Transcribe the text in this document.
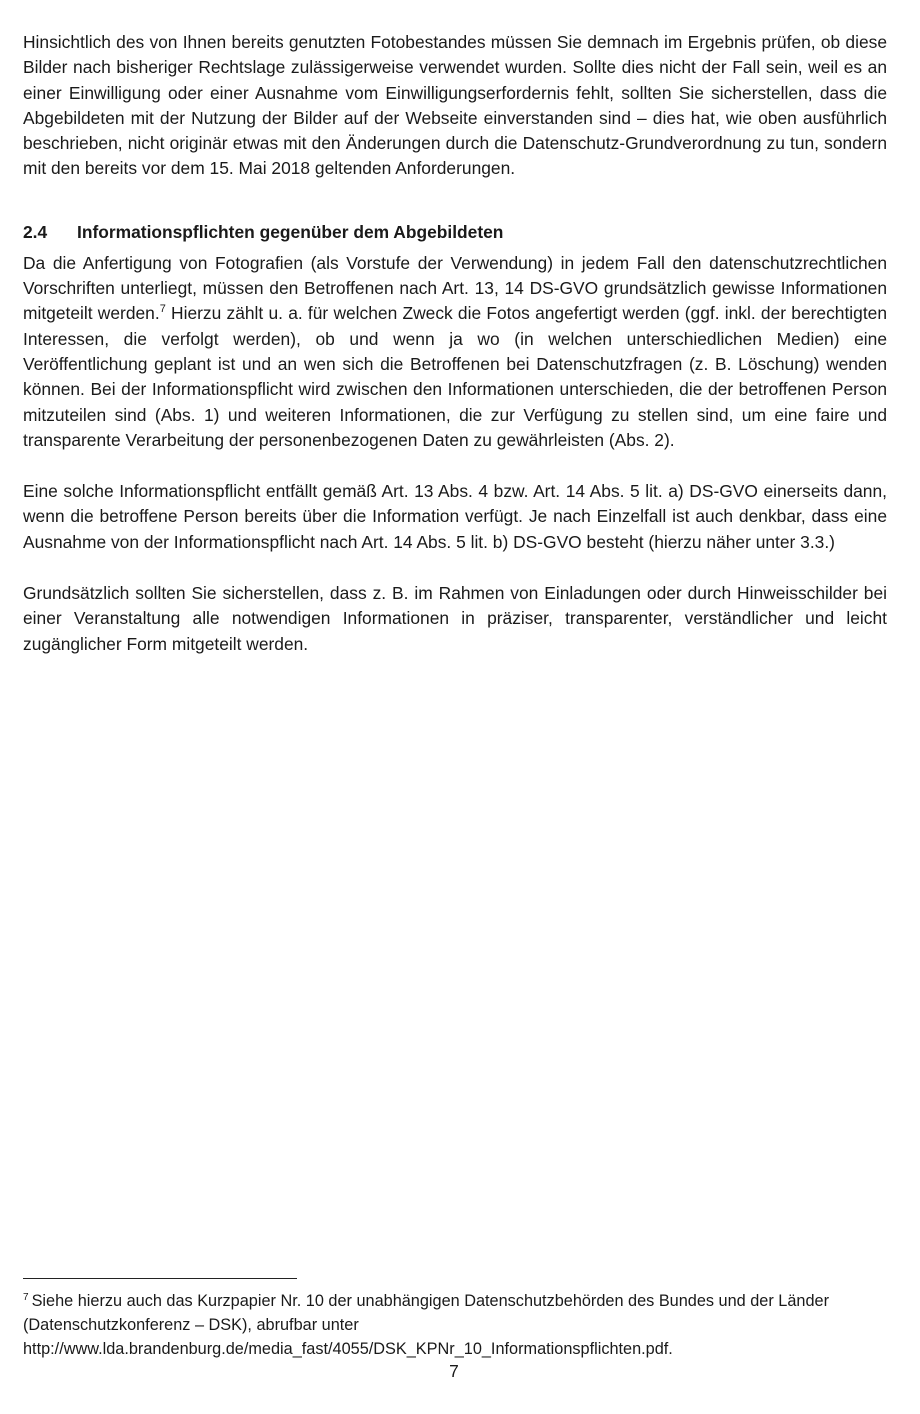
Hinsichtlich des von Ihnen bereits genutzten Fotobestandes müssen Sie demnach im Ergebnis prüfen, ob diese Bilder nach bisheriger Rechtslage zulässigerweise verwendet wurden. Sollte dies nicht der Fall sein, weil es an einer Einwilligung oder einer Ausnahme vom Einwilligungserfordernis fehlt, sollten Sie sicherstellen, dass die Abgebildeten mit der Nutzung der Bilder auf der Webseite einverstanden sind – dies hat, wie oben ausführlich beschrieben, nicht originär etwas mit den Änderungen durch die Datenschutz-Grundverordnung zu tun, sondern mit den bereits vor dem 15. Mai 2018 geltenden Anforderungen.

2.4	Informationspflichten gegenüber dem Abgebildeten

Da die Anfertigung von Fotografien (als Vorstufe der Verwendung) in jedem Fall den datenschutzrechtlichen Vorschriften unterliegt, müssen den Betroffenen nach Art. 13, 14 DS-GVO grundsätzlich gewisse Informationen mitgeteilt werden.$^7$ Hierzu zählt u. a. für welchen Zweck die Fotos angefertigt werden (ggf. inkl. der berechtigten Interessen, die verfolgt werden), ob und wenn ja wo (in welchen unterschiedlichen Medien) eine Veröffentlichung geplant ist und an wen sich die Betroffenen bei Datenschutzfragen (z. B. Löschung) wenden können. Bei der Informationspflicht wird zwischen den Informationen unterschieden, die der betroffenen Person mitzuteilen sind (Abs. 1) und weiteren Informationen, die zur Verfügung zu stellen sind, um eine faire und transparente Verarbeitung der personenbezogenen Daten zu gewährleisten (Abs. 2).

Eine solche Informationspflicht entfällt gemäß Art. 13 Abs. 4 bzw. Art. 14 Abs. 5 lit. a) DS-GVO einerseits dann, wenn die betroffene Person bereits über die Information verfügt. Je nach Einzelfall ist auch denkbar, dass eine Ausnahme von der Informationspflicht nach Art. 14 Abs. 5 lit. b) DS-GVO besteht (hierzu näher unter 3.3.)

Grundsätzlich sollten Sie sicherstellen, dass z. B. im Rahmen von Einladungen oder durch Hinweisschilder bei einer Veranstaltung alle notwendigen Informationen in präziser, transparenter, verständlicher und leicht zugänglicher Form mitgeteilt werden.

$^7$ Siehe hierzu auch das Kurzpapier Nr. 10 der unabhängigen Datenschutzbehörden des Bundes und der Länder (Datenschutzkonferenz – DSK), abrufbar unter
http://www.lda.brandenburg.de/media_fast/4055/DSK_KPNr_10_Informationspflichten.pdf.

7
